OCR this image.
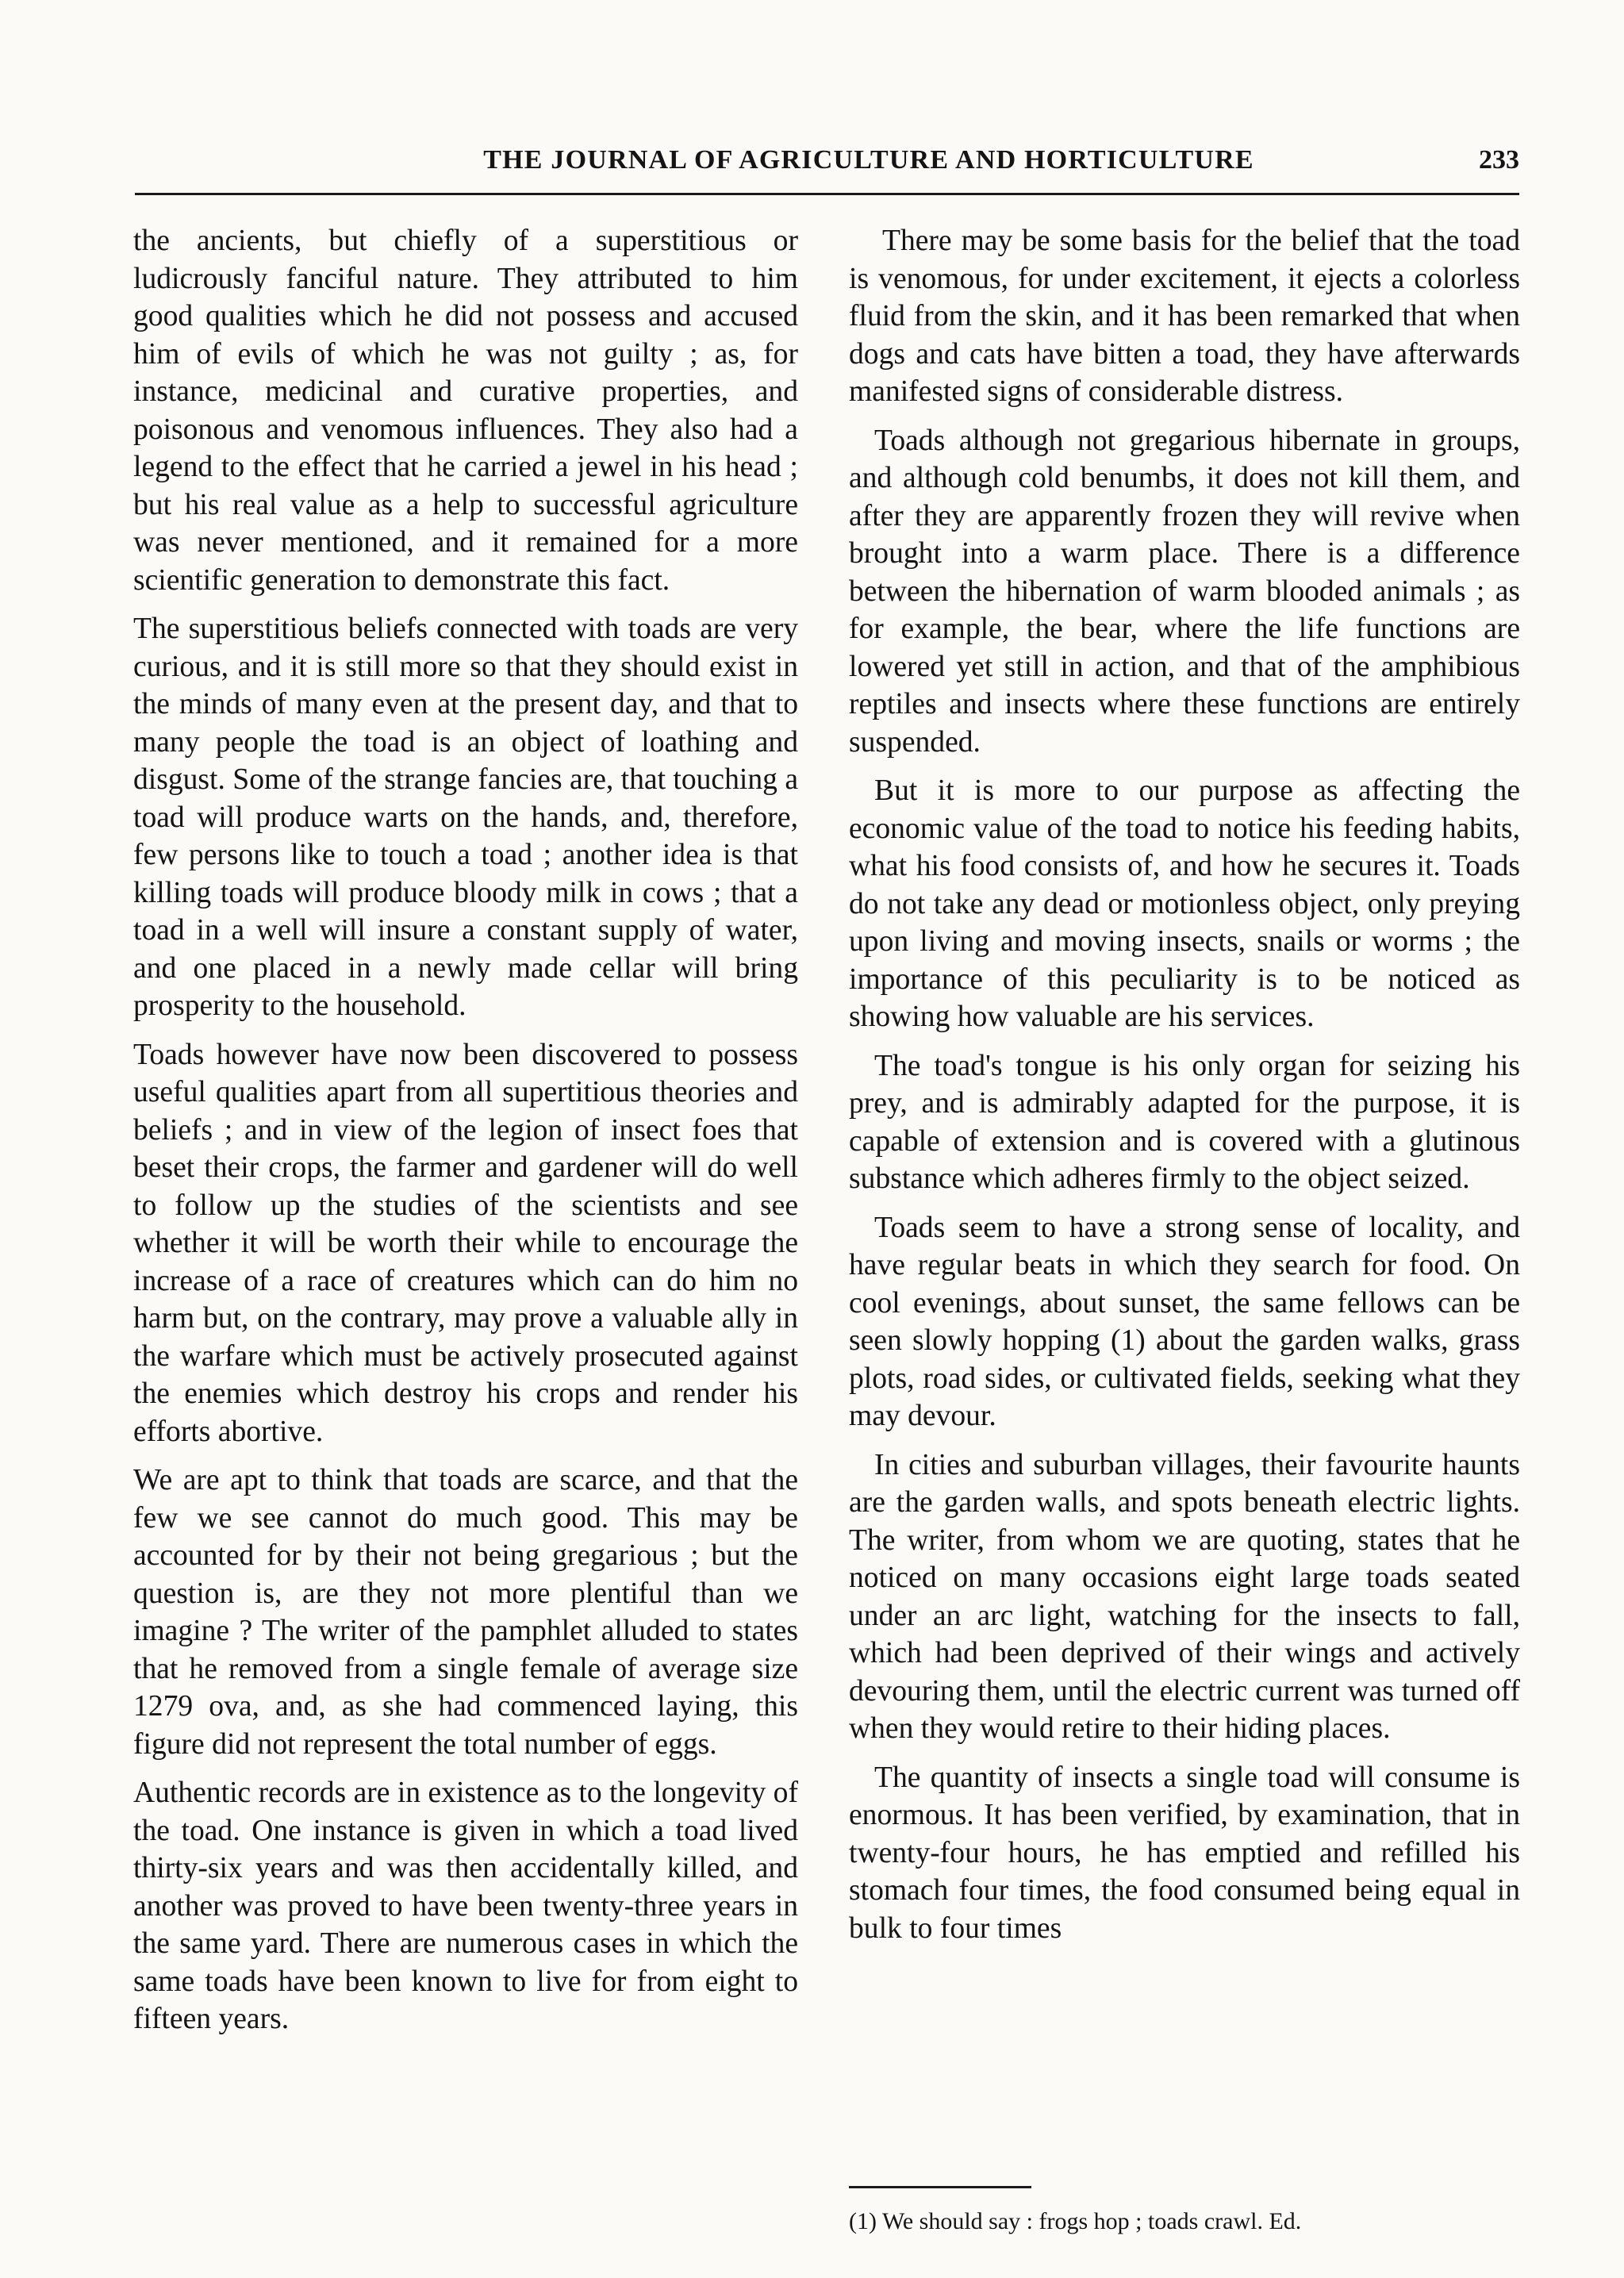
THE JOURNAL OF AGRICULTURE AND HORTICULTURE	233

the ancients, but chiefly of a superstitious or ludicrously fanciful nature. They attributed to him good qualities which he did not possess and accused him of evils of which he was not guilty ; as, for instance, medicinal and curative properties, and poisonous and venomous influences. They also had a legend to the effect that he carried a jewel in his head ; but his real value as a help to successful agriculture was never mentioned, and it remained for a more scientific generation to demonstrate this fact.

The superstitious beliefs connected with toads are very curious, and it is still more so that they should exist in the minds of many even at the present day, and that to many people the toad is an object of loathing and disgust. Some of the strange fancies are, that touching a toad will produce warts on the hands, and, therefore, few persons like to touch a toad ; another idea is that killing toads will produce bloody milk in cows ; that a toad in a well will insure a constant supply of water, and one placed in a newly made cellar will bring prosperity to the household.

Toads however have now been discovered to possess useful qualities apart from all supertitious theories and beliefs ; and in view of the legion of insect foes that beset their crops, the farmer and gardener will do well to follow up the studies of the scientists and see whether it will be worth their while to encourage the increase of a race of creatures which can do him no harm but, on the contrary, may prove a valuable ally in the warfare which must be actively prosecuted against the enemies which destroy his crops and render his efforts abortive.

We are apt to think that toads are scarce, and that the few we see cannot do much good. This may be accounted for by their not being gregarious ; but the question is, are they not more plentiful than we imagine ? The writer of the pamphlet alluded to states that he removed from a single female of average size 1279 ova, and, as she had commenced laying, this figure did not represent the total number of eggs.

Authentic records are in existence as to the longevity of the toad. One instance is given in which a toad lived thirty-six years and was then accidentally killed, and another was proved to have been twenty-three years in the same yard. There are numerous cases in which the same toads have been known to live for from eight to fifteen years.

There may be some basis for the belief that the toad is venomous, for under excitement, it ejects a colorless fluid from the skin, and it has been remarked that when dogs and cats have bitten a toad, they have afterwards manifested signs of considerable distress.

Toads although not gregarious hibernate in groups, and although cold benumbs, it does not kill them, and after they are apparently frozen they will revive when brought into a warm place. There is a difference between the hibernation of warm blooded animals ; as for example, the bear, where the life functions are lowered yet still in action, and that of the amphibious reptiles and insects where these functions are entirely suspended.

But it is more to our purpose as affecting the economic value of the toad to notice his feeding habits, what his food consists of, and how he secures it. Toads do not take any dead or motionless object, only preying upon living and moving insects, snails or worms ; the importance of this peculiarity is to be noticed as showing how valuable are his services.

The toad's tongue is his only organ for seizing his prey, and is admirably adapted for the purpose, it is capable of extension and is covered with a glutinous substance which adheres firmly to the object seized.

Toads seem to have a strong sense of locality, and have regular beats in which they search for food. On cool evenings, about sunset, the same fellows can be seen slowly hopping (1) about the garden walks, grass plots, road sides, or cultivated fields, seeking what they may devour.

In cities and suburban villages, their favourite haunts are the garden walls, and spots beneath electric lights. The writer, from whom we are quoting, states that he noticed on many occasions eight large toads seated under an arc light, watching for the insects to fall, which had been deprived of their wings and actively devouring them, until the electric current was turned off when they would retire to their hiding places.

The quantity of insects a single toad will consume is enormous. It has been verified, by examination, that in twenty-four hours, he has emptied and refilled his stomach four times, the food consumed being equal in bulk to four times

(1) We should say : frogs hop ; toads crawl. Ed.
